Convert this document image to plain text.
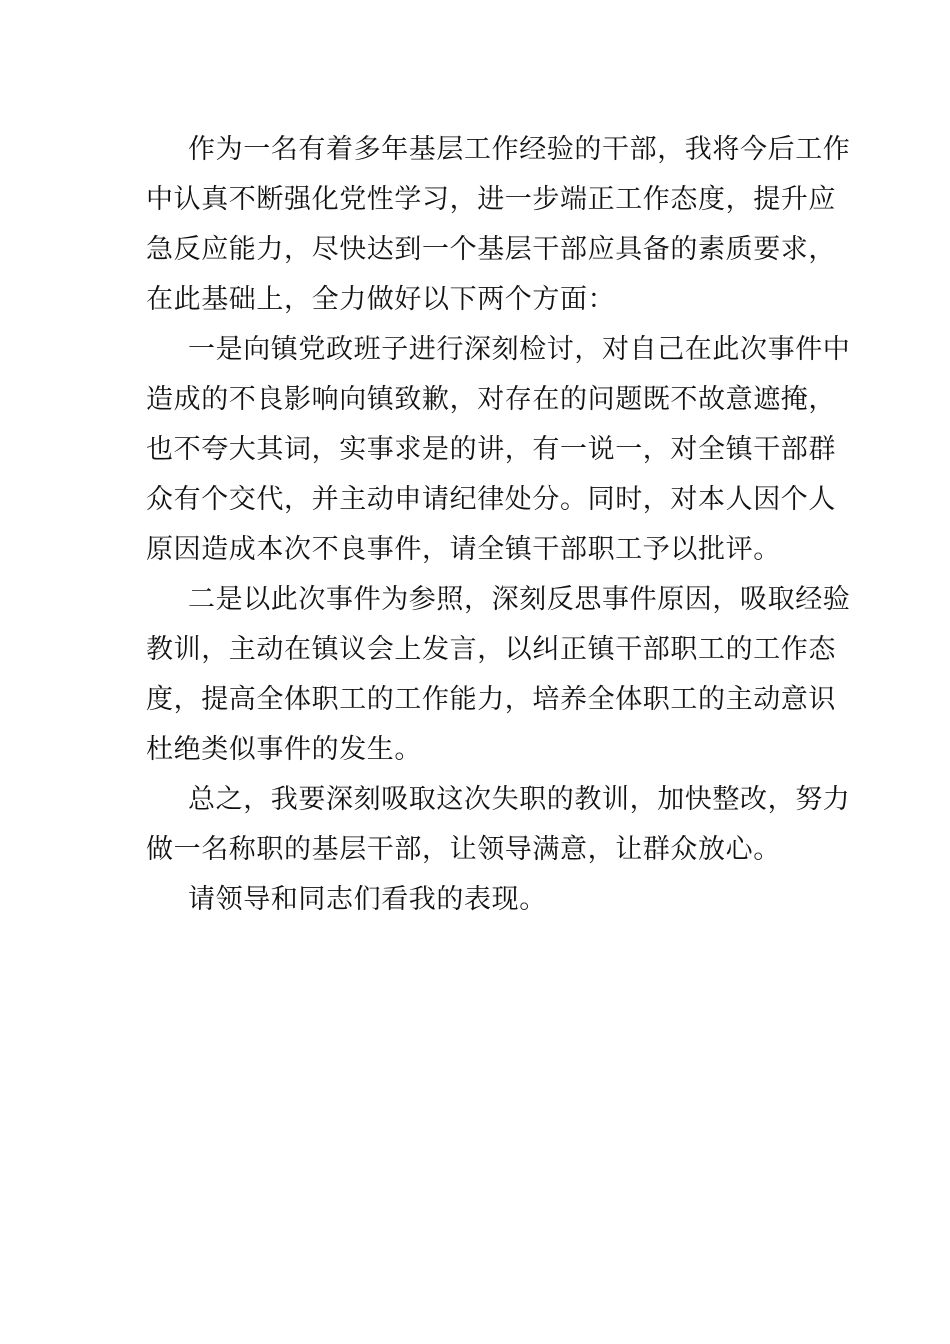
作为一名有着多年基层工作经验的干部，我将今后工作
中认真不断强化党性学习，进一步端正工作态度，提升应
急反应能力，尽快达到一个基层干部应具备的素质要求，
在此基础上，全力做好以下两个方面：

一是向镇党政班子进行深刻检讨，对自己在此次事件中
造成的不良影响向镇致歉，对存在的问题既不故意遮掩，
也不夸大其词，实事求是的讲，有一说一，对全镇干部群
众有个交代，并主动申请纪律处分。同时，对本人因个人
原因造成本次不良事件，请全镇干部职工予以批评。

二是以此次事件为参照，深刻反思事件原因，吸取经验
教训，主动在镇议会上发言，以纠正镇干部职工的工作态
度，提高全体职工的工作能力，培养全体职工的主动意识
杜绝类似事件的发生。

总之，我要深刻吸取这次失职的教训，加快整改，努力
做一名称职的基层干部，让领导满意，让群众放心。

请领导和同志们看我的表现。
